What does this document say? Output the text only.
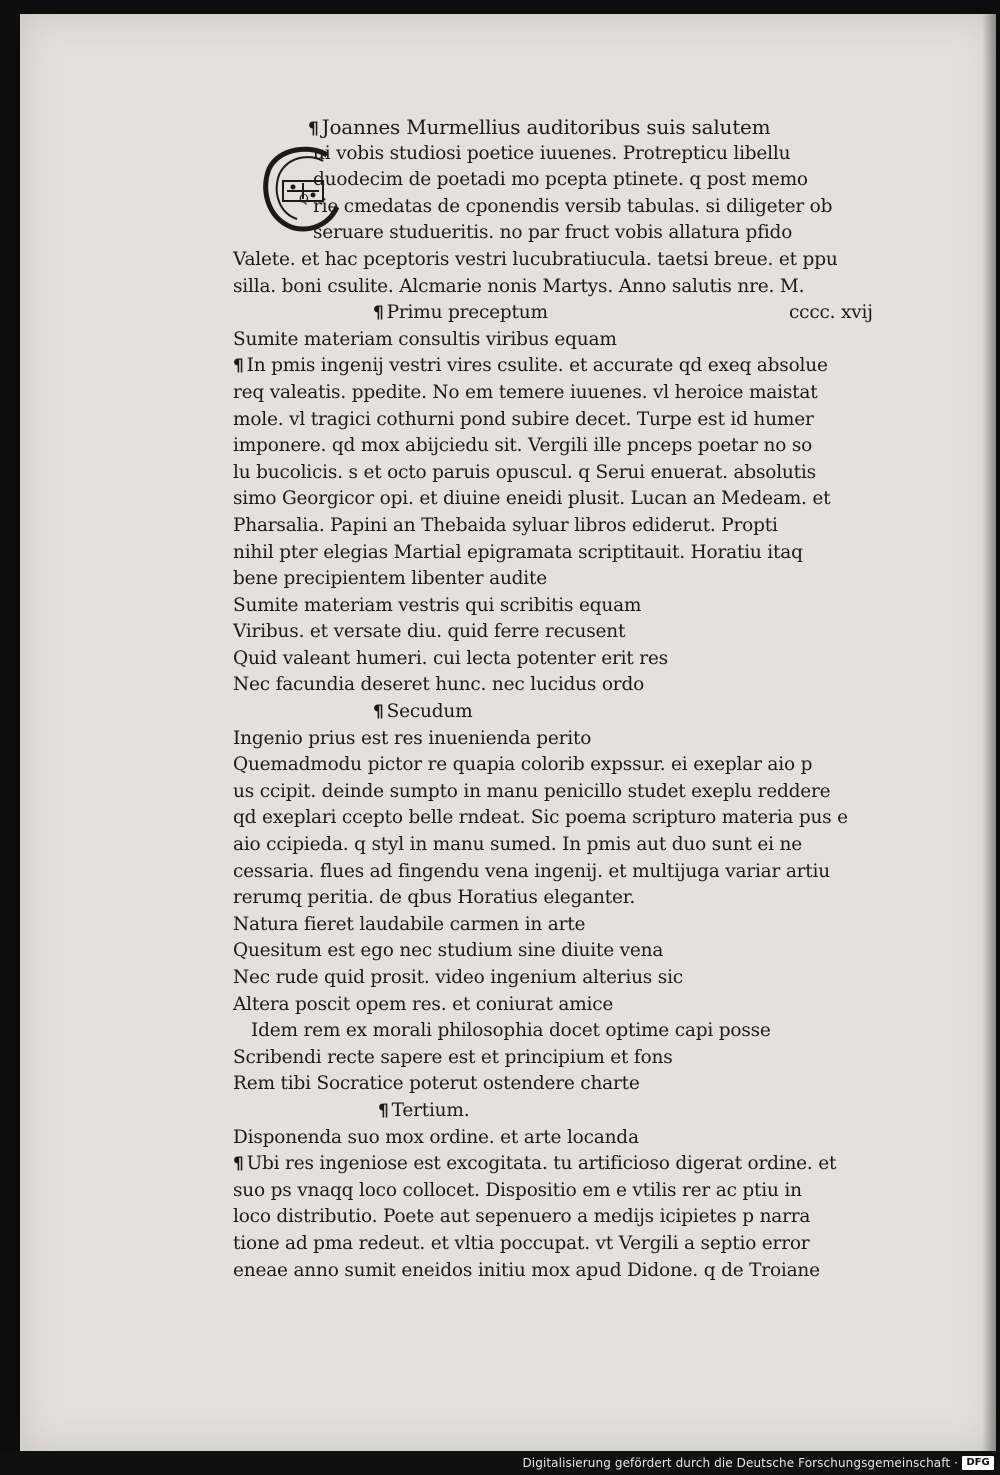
Q
¶ Joannes Murmellius auditoribus suis salutem
ui vobis studiosi poetice iuuenes. Protrepticu libellu
duodecim de poetadi mo pcepta ptinete. q post memo
rie cmedatas de cponendis versib tabulas. si diligeter ob
seruare studueritis. no par fruct vobis allatura pfido
Valete. et hac pceptoris vestri lucubratiucula. taetsi breue. et ppu
silla. boni csulite. Alcmarie nonis Martys. Anno salutis nre. M.
¶ Primu preceptum	cccc. xvij
Sumite materiam consultis viribus equam
¶ In pmis ingenij vestri vires csulite. et accurate qd exeq absolue
req valeatis. ppedite. No em temere iuuenes. vl heroice maistat
mole. vl tragici cothurni pond subire decet. Turpe est id humer
imponere. qd mox abijciedu sit. Vergili ille pnceps poetar no so
lu bucolicis. s et octo paruis opuscul. q Serui enuerat. absolutis
simo Georgicor opi. et diuine eneidi plusit. Lucan an Medeam. et
Pharsalia. Papini an Thebaida syluar libros ediderut. Propti
nihil pter elegias Martial epigramata scriptitauit. Horatiu itaq
bene precipientem libenter audite
Sumite materiam vestris qui scribitis equam
Viribus. et versate diu. quid ferre recusent
Quid valeant humeri. cui lecta potenter erit res
Nec facundia deseret hunc. nec lucidus ordo
¶ Secudum
Ingenio prius est res inuenienda perito
Quemadmodu pictor re quapia colorib expssur. ei exeplar aio p
us ccipit. deinde sumpto in manu penicillo studet exeplu reddere
qd exeplari ccepto belle rndeat. Sic poema scripturo materia pus e
aio ccipieda. q styl in manu sumed. In pmis aut duo sunt ei ne
cessaria. flues ad fingendu vena ingenij. et multijuga variar artiu
rerumq peritia. de qbus Horatius eleganter.
Natura fieret laudabile carmen in arte
Quesitum est ego nec studium sine diuite vena
Nec rude quid prosit. video ingenium alterius sic
Altera poscit opem res. et coniurat amice
Idem rem ex morali philosophia docet optime capi posse
Scribendi recte sapere est et principium et fons
Rem tibi Socratice poterut ostendere charte
¶ Tertium.
Disponenda suo mox ordine. et arte locanda
¶ Ubi res ingeniose est excogitata. tu artificioso digerat ordine. et
suo ps vnaqq loco collocet. Dispositio em e vtilis rer ac ptiu in
loco distributio. Poete aut sepenuero a medijs icipietes p narra
tione ad pma redeut. et vltia poccupat. vt Vergili a septio error
eneae anno sumit eneidos initiu mox apud Didone. q de Troiane
Digitalisierung gefördert durch die Deutsche Forschungsgemeinschaft · DFG
